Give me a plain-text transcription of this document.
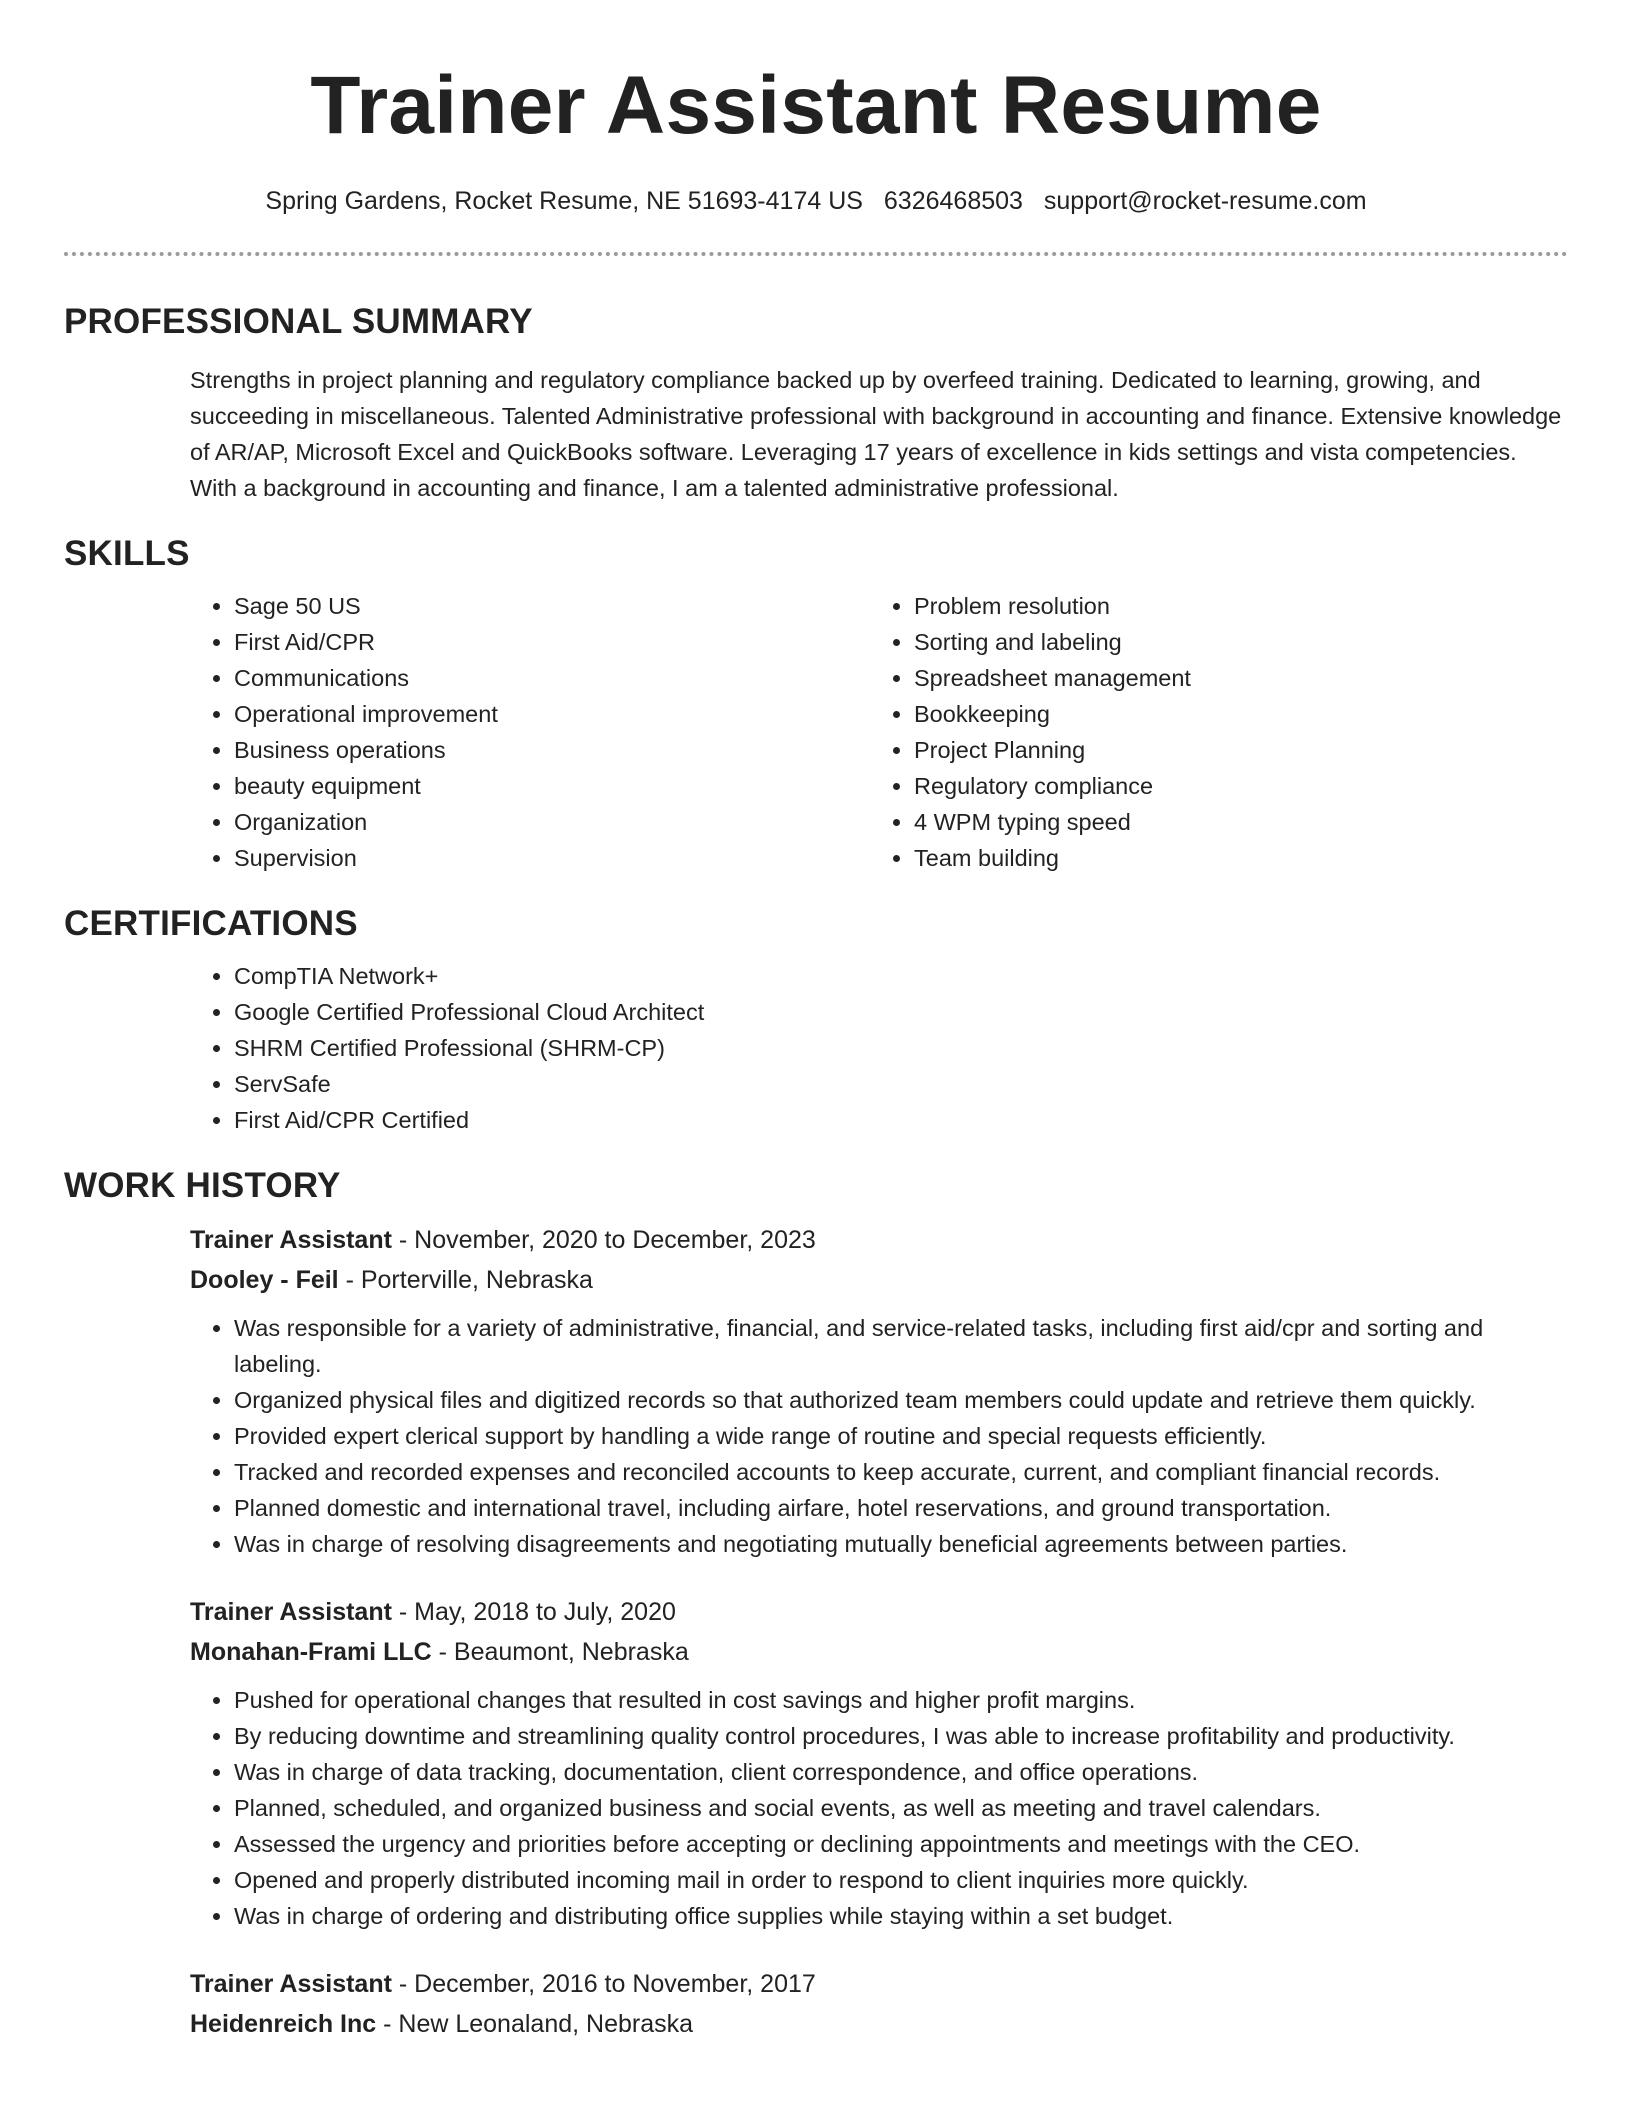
Trainer Assistant Resume
Spring Gardens, Rocket Resume, NE 51693-4174 US 6326468503 support@rocket-resume.com
PROFESSIONAL SUMMARY

Strengths in project planning and regulatory compliance backed up by overfeed training. Dedicated to learning, growing, and succeeding in miscellaneous. Talented Administrative professional with background in accounting and finance. Extensive knowledge of AR/AP, Microsoft Excel and QuickBooks software. Leveraging 17 years of excellence in kids settings and vista competencies. With a background in accounting and finance, I am a talented administrative professional.

SKILLS
• Sage 50 US
• First Aid/CPR
• Communications
• Operational improvement
• Business operations
• beauty equipment
• Organization
• Supervision
• Problem resolution
• Sorting and labeling
• Spreadsheet management
• Bookkeeping
• Project Planning
• Regulatory compliance
• 4 WPM typing speed
• Team building
CERTIFICATIONS
• CompTIA Network+
• Google Certified Professional Cloud Architect
• SHRM Certified Professional (SHRM-CP)
• ServSafe
• First Aid/CPR Certified
WORK HISTORY
Trainer Assistant - November, 2020 to December, 2023
Dooley - Feil - Porterville, Nebraska
• Was responsible for a variety of administrative, financial, and service-related tasks, including first aid/cpr and sorting and labeling.
• Organized physical files and digitized records so that authorized team members could update and retrieve them quickly.
• Provided expert clerical support by handling a wide range of routine and special requests efficiently.
• Tracked and recorded expenses and reconciled accounts to keep accurate, current, and compliant financial records.
• Planned domestic and international travel, including airfare, hotel reservations, and ground transportation.
• Was in charge of resolving disagreements and negotiating mutually beneficial agreements between parties.
Trainer Assistant - May, 2018 to July, 2020
Monahan-Frami LLC - Beaumont, Nebraska
• Pushed for operational changes that resulted in cost savings and higher profit margins.
• By reducing downtime and streamlining quality control procedures, I was able to increase profitability and productivity.
• Was in charge of data tracking, documentation, client correspondence, and office operations.
• Planned, scheduled, and organized business and social events, as well as meeting and travel calendars.
• Assessed the urgency and priorities before accepting or declining appointments and meetings with the CEO.
• Opened and properly distributed incoming mail in order to respond to client inquiries more quickly.
• Was in charge of ordering and distributing office supplies while staying within a set budget.
Trainer Assistant - December, 2016 to November, 2017
Heidenreich Inc - New Leonaland, Nebraska
